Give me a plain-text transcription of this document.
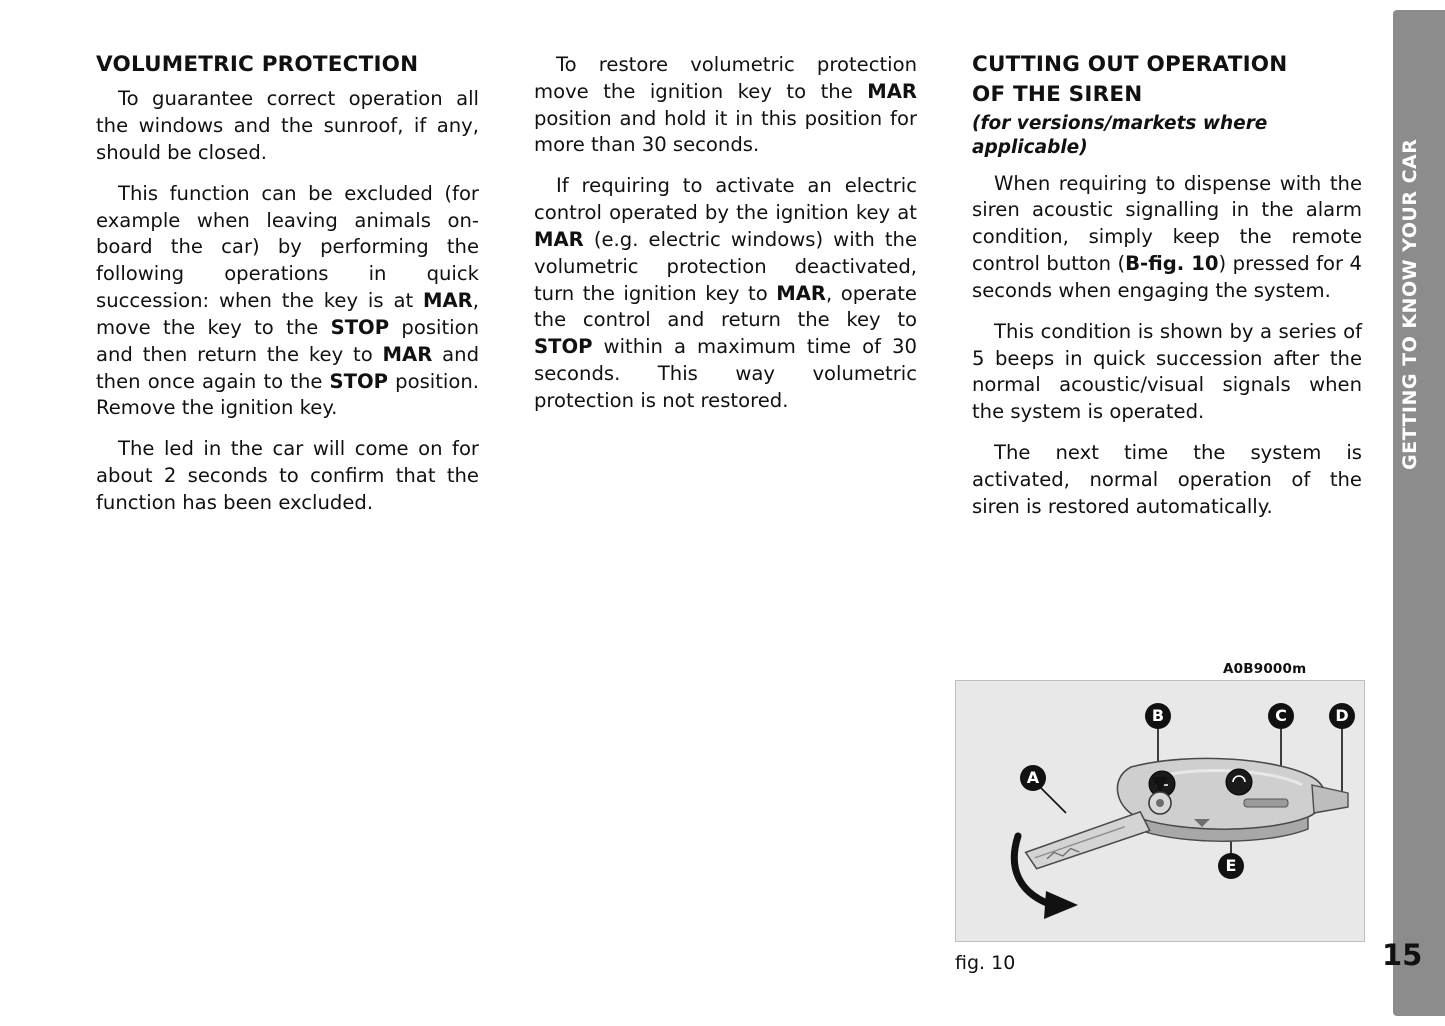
GETTING TO KNOW YOUR CAR
VOLUMETRIC PROTECTION

To guarantee correct operation all the windows and the sunroof, if any, should be closed.

This function can be excluded (for example when leaving animals on-board the car) by performing the following operations in quick succession: when the key is at MAR, move the key to the STOP position and then return the key to MAR and then once again to the STOP position. Remove the ignition key.

The led in the car will come on for about 2 seconds to confirm that the function has been excluded.

To restore volumetric protection move the ignition key to the MAR position and hold it in this position for more than 30 seconds.

If requiring to activate an electric control operated by the ignition key at MAR (e.g. electric windows) with the volumetric protection deactivated, turn the ignition key to MAR, operate the control and return the key to STOP within a maximum time of 30 seconds. This way volumetric protection is not restored.

CUTTING OUT OPERATION
OF THE SIREN
(for versions/markets where
applicable)

When requiring to dispense with the siren acoustic signalling in the alarm condition, simply keep the remote control button (B-fig. 10) pressed for 4 seconds when engaging the system.

This condition is shown by a series of 5 beeps in quick succession after the normal acoustic/visual signals when the system is operated.

The next time the system is activated, normal operation of the siren is restored automatically.

A0B9000m
A
B	C	D
E
fig. 10	15
